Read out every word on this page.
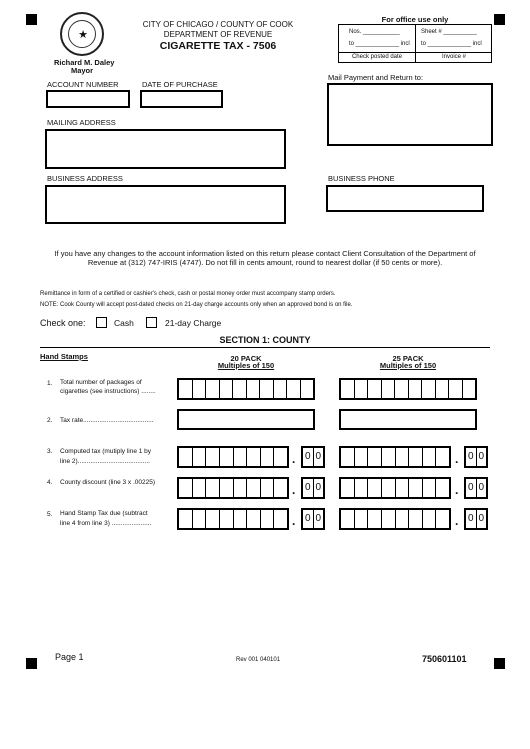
★
Richard M. Daley
Mayor
CITY OF CHICAGO / COUNTY OF COOK
DEPARTMENT OF REVENUE
CIGARETTE TAX - 7506
For office use only
Nos. ___________	Sheet # __________
to _____________ incl to _____________ incl
Check posted date	Invoice #
ACCOUNT NUMBER	DATE OF PURCHASE
Mail Payment and Return to:
MAILING ADDRESS
BUSINESS ADDRESS	BUSINESS PHONE
If you have any changes to the account information listed on this return please contact Client Consultation of the Department of
Revenue at (312) 747-IRIS (4747). Do not fill in cents amount, round to nearest dollar (if 50 cents or more).
Remittance in form of a certified or cashier's check, cash or postal money order must accompany stamp orders.
NOTE: Cook County will accept post-dated checks on 21-day charge accounts only when an approved bond is on file.
Check one:	Cash	21-day Charge
SECTION 1: COUNTY
Hand Stamps	20 PACK
Multiples of 150
25 PACK
Multiples of 150
1. Total number of packages of
cigarettes (see instructions) ........
2. Tax rate.......................................
3. Computed tax (mutiply line 1 by
line 2)........................................	. 0 0	. 0 0
4. County discount (line 3 x .00225)
. 0 0	. 0 0
5. Hand Stamp Tax due (subtract
line 4 from line 3) ......................	. 0 0	. 0 0
Page 1	Rev 001 040101	750601101
